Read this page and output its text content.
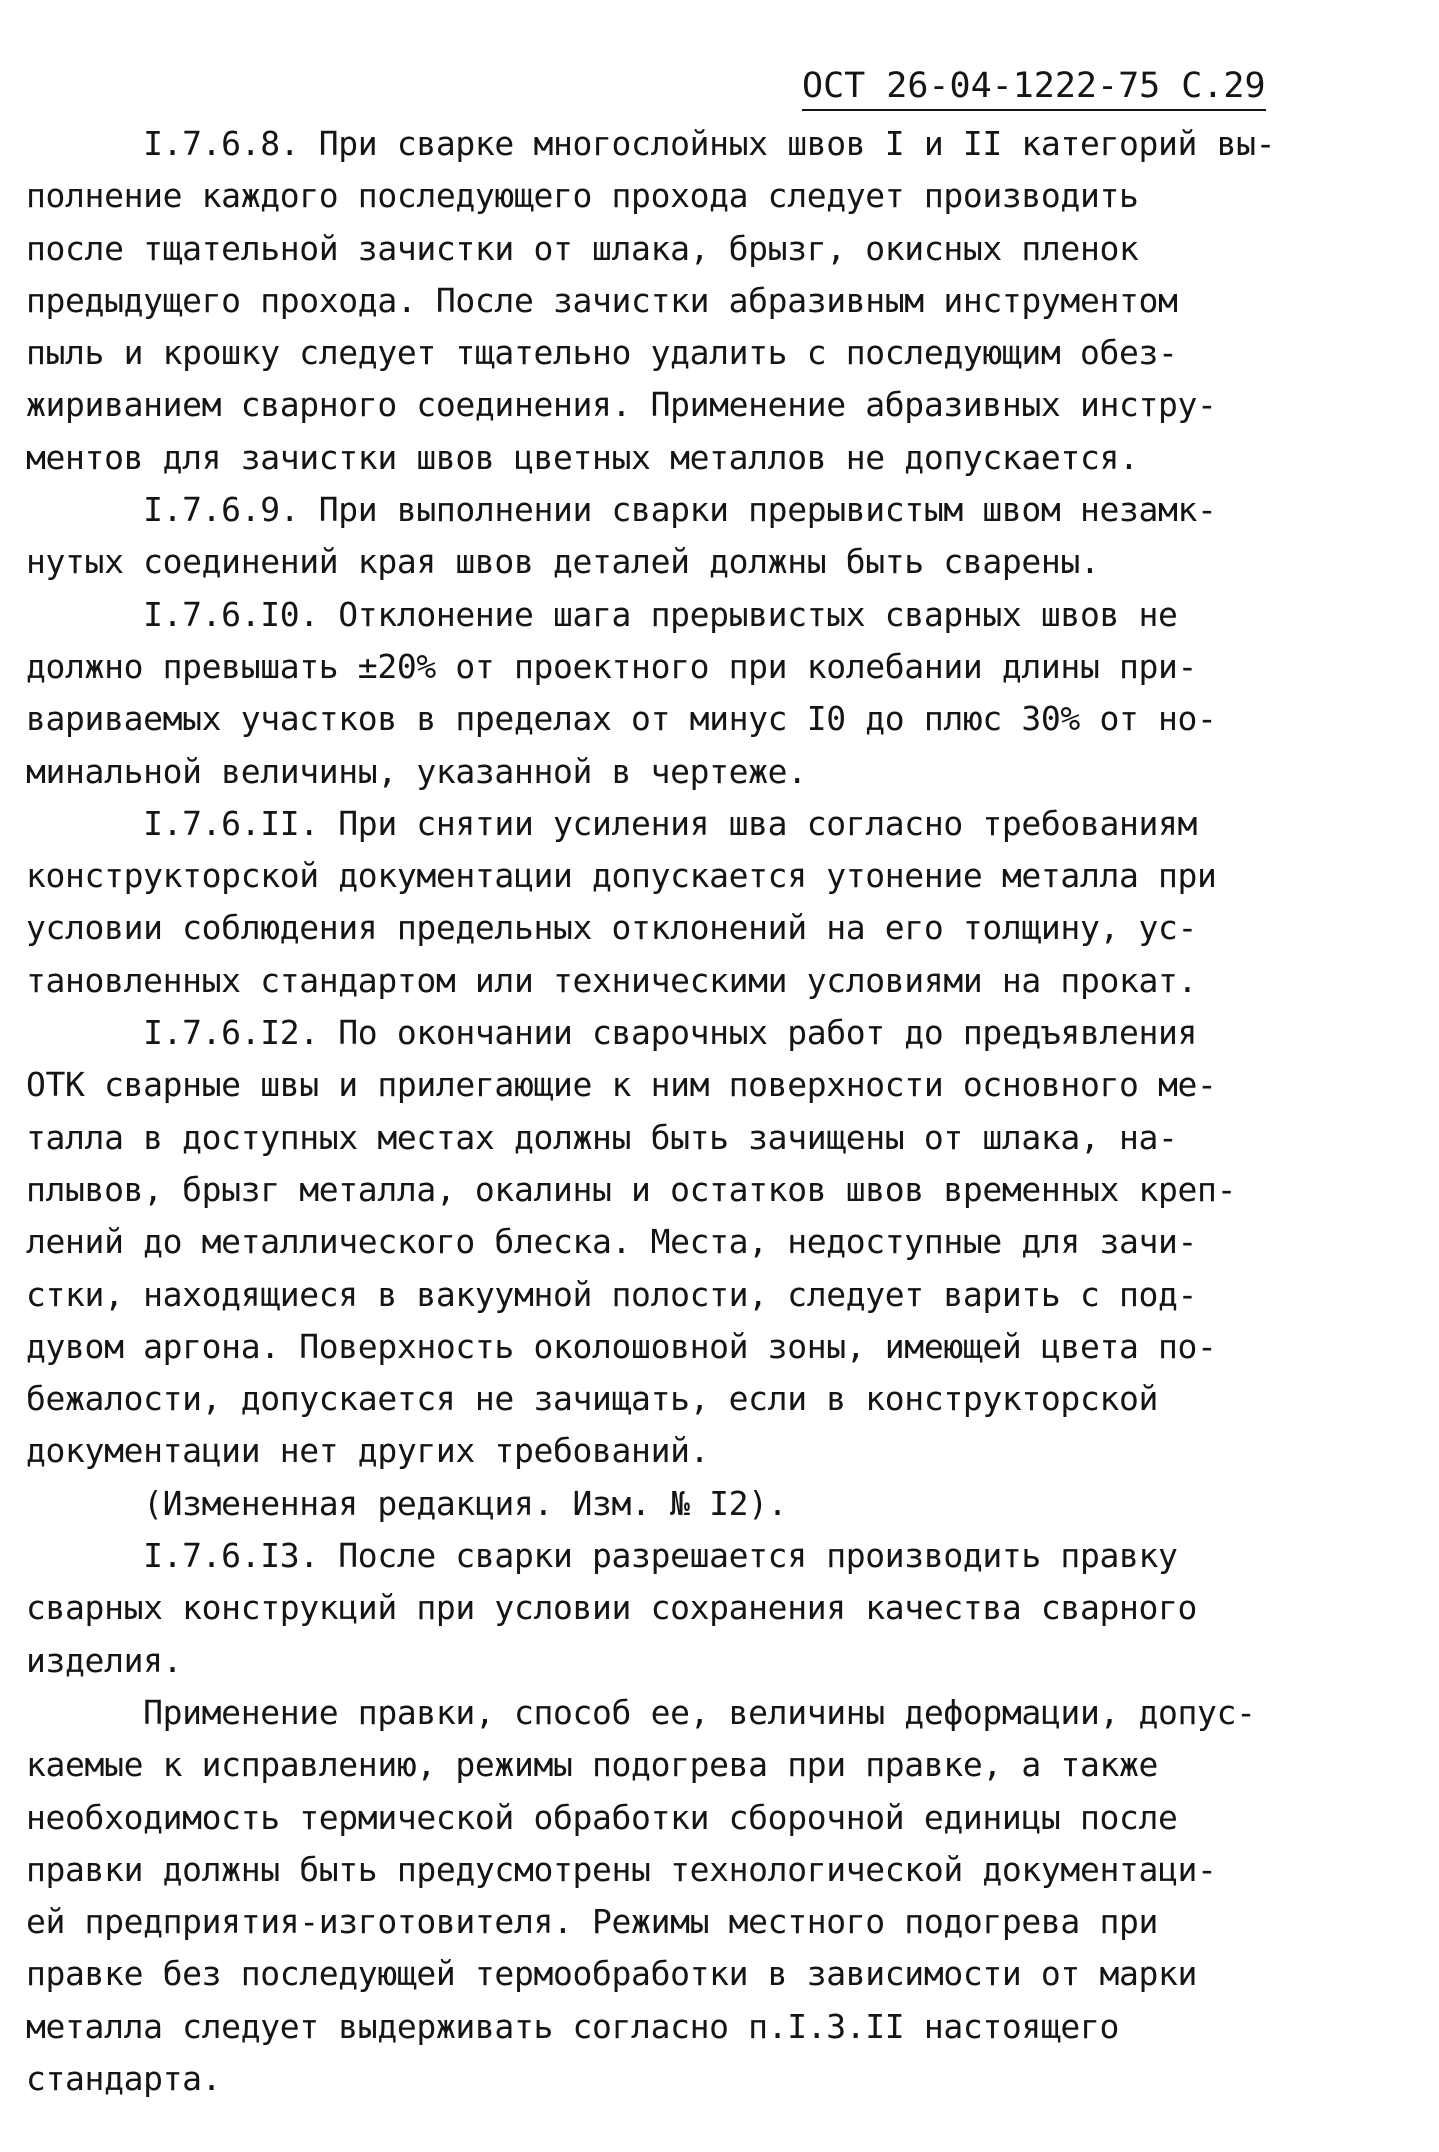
ОСТ 26-04-1222-75 С.29
I.7.6.8. При сварке многослойных швов I и II категорий вы-
полнение каждого последующего прохода следует производить
после тщательной зачистки от шлака, брызг, окисных пленок
предыдущего прохода. После зачистки абразивным инструментом
пыль и крошку следует тщательно удалить с последующим обез-
жириванием сварного соединения. Применение абразивных инстру-
ментов для зачистки швов цветных металлов не допускается.
I.7.6.9. При выполнении сварки прерывистым швом незамк-
нутых соединений края швов деталей должны быть сварены.
I.7.6.I0. Отклонение шага прерывистых сварных швов не
должно превышать ±20% от проектного при колебании длины при-
вариваемых участков в пределах от минус I0 до плюс 30% от но-
минальной величины, указанной в чертеже.
I.7.6.II. При снятии усиления шва согласно требованиям
конструкторской документации допускается утонение металла при
условии соблюдения предельных отклонений на его толщину, ус-
тановленных стандартом или техническими условиями на прокат.
I.7.6.I2. По окончании сварочных работ до предъявления
ОТК сварные швы и прилегающие к ним поверхности основного ме-
талла в доступных местах должны быть зачищены от шлака, на-
плывов, брызг металла, окалины и остатков швов временных креп-
лений до металлического блеска. Места, недоступные для зачи-
стки, находящиеся в вакуумной полости, следует варить с под-
дувом аргона. Поверхность околошовной зоны, имеющей цвета по-
бежалости, допускается не зачищать, если в конструкторской
документации нет других требований.
(Измененная редакция. Изм. № I2).
I.7.6.I3. После сварки разрешается производить правку
сварных конструкций при условии сохранения качества сварного
изделия.
Применение правки, способ ее, величины деформации, допус-
каемые к исправлению, режимы подогрева при правке, а также
необходимость термической обработки сборочной единицы после
правки должны быть предусмотрены технологической документаци-
ей предприятия-изготовителя. Режимы местного подогрева при
правке без последующей термообработки в зависимости от марки
металла следует выдерживать согласно п.I.3.II настоящего
стандарта.
